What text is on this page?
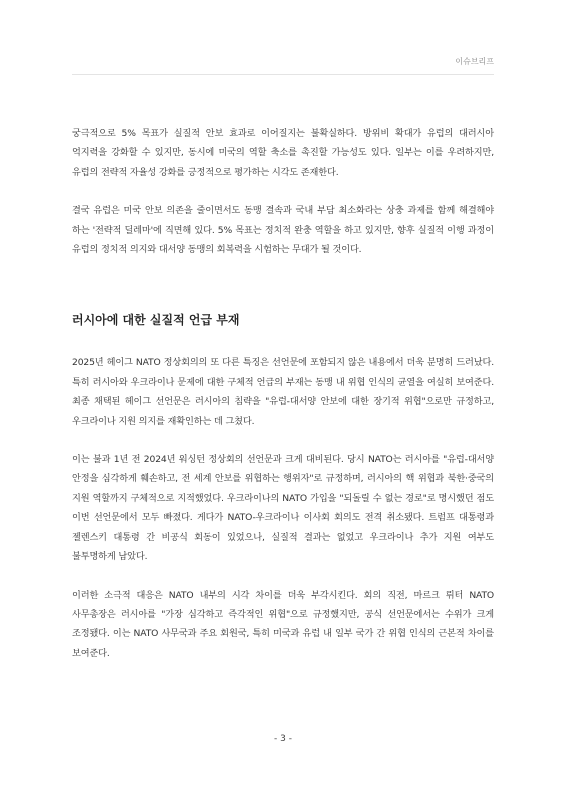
이슈브리프

궁극적으로 5% 목표가 실질적 안보 효과로 이어질지는 불확실하다. 방위비 확대가 유럽의 대러시아 억지력을 강화할 수 있지만, 동시에 미국의 역할 축소를 촉진할 가능성도 있다. 일부는 이를 우려하지만, 유럽의 전략적 자율성 강화를 긍정적으로 평가하는 시각도 존재한다.

결국 유럽은 미국 안보 의존을 줄이면서도 동맹 결속과 국내 부담 최소화라는 상충 과제를 함께 해결해야 하는 '전략적 딜레마'에 직면해 있다. 5% 목표는 정치적 완충 역할을 하고 있지만, 향후 실질적 이행 과정이 유럽의 정치적 의지와 대서양 동맹의 회복력을 시험하는 무대가 될 것이다.

러시아에 대한 실질적 언급 부재

2025년 헤이그 NATO 정상회의의 또 다른 특징은 선언문에 포함되지 않은 내용에서 더욱 분명히 드러났다. 특히 러시아와 우크라이나 문제에 대한 구체적 언급의 부재는 동맹 내 위협 인식의 균열을 여실히 보여준다. 최종 채택된 헤이그 선언문은 러시아의 침략을 "유럽-대서양 안보에 대한 장기적 위협"으로만 규정하고, 우크라이나 지원 의지를 재확인하는 데 그쳤다.

이는 불과 1년 전 2024년 워싱턴 정상회의 선언문과 크게 대비된다. 당시 NATO는 러시아를 "유럽-대서양 안정을 심각하게 훼손하고, 전 세계 안보를 위협하는 행위자"로 규정하며, 러시아의 핵 위협과 북한·중국의 지원 역할까지 구체적으로 지적했었다. 우크라이나의 NATO 가입을 "되돌릴 수 없는 경로"로 명시했던 점도 이번 선언문에서 모두 빠졌다. 게다가 NATO-우크라이나 이사회 회의도 전격 취소됐다. 트럼프 대통령과 젤렌스키 대통령 간 비공식 회동이 있었으나, 실질적 결과는 없었고 우크라이나 추가 지원 여부도 불투명하게 남았다.

이러한 소극적 대응은 NATO 내부의 시각 차이를 더욱 부각시킨다. 회의 직전, 마르크 뤼터 NATO 사무총장은 러시아를 "가장 심각하고 즉각적인 위협"으로 규정했지만, 공식 선언문에서는 수위가 크게 조정됐다. 이는 NATO 사무국과 주요 회원국, 특히 미국과 유럽 내 일부 국가 간 위협 인식의 근본적 차이를 보여준다.

- 3 -
